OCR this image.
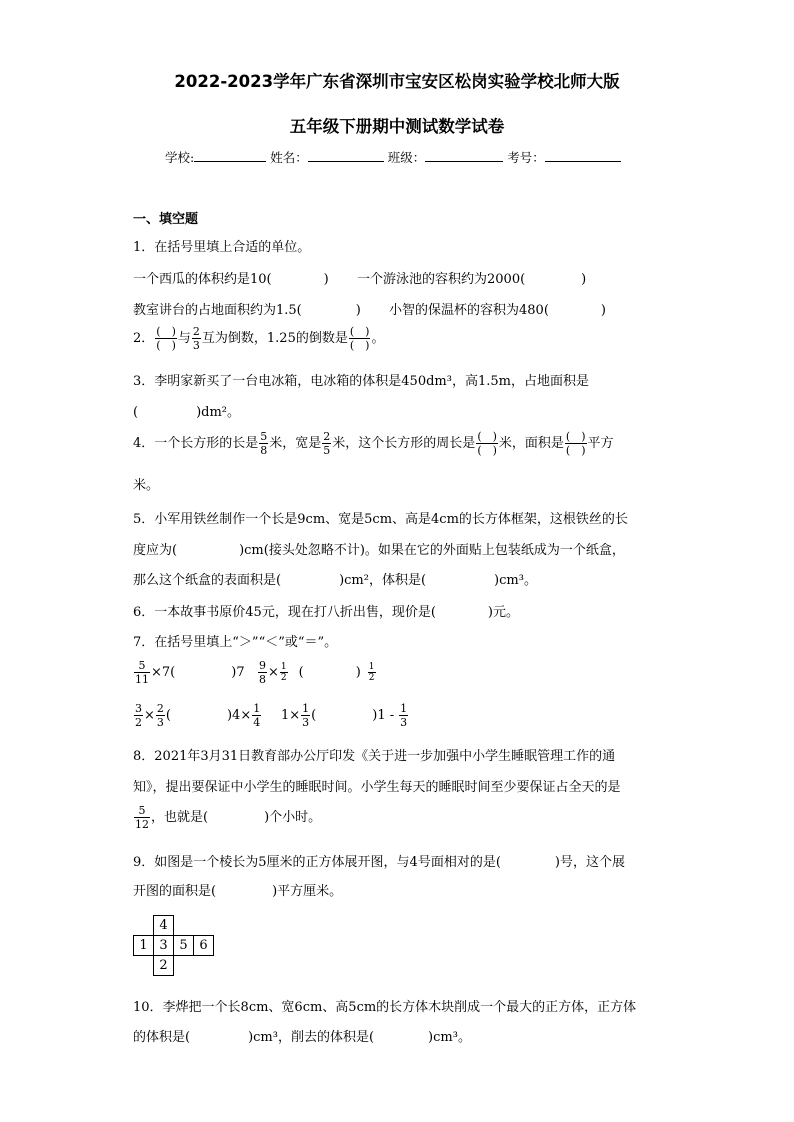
2022-2023学年广东省深圳市宝安区松岗实验学校北师大版
五年级下册期中测试数学试卷
学校:	姓名：	班级：	考号：
一、填空题
1．在括号里填上合适的单位。
一个西瓜的体积约是10(	) 一个游泳池的容积约为2000(	)
教室讲台的占地面积约为1.5(	) 小智的保温杯的容积为480(	)
2． $\frac{( )}{( )}$ 与 $\frac{2}{3}$ 互为倒数，1.25的倒数是 $\frac{( )}{( )}$ 。
3．李明家新买了一台电冰箱，电冰箱的体积是450dm³，高1.5m，占地面积是
(	)dm²。
4．一个长方形的长是 $\frac{5}{8}$ 米，宽是 $\frac{2}{5}$ 米，这个长方形的周长是 $\frac{( )}{( )}$ 米，面积是 $\frac{( )}{( )}$ 平方
米。
5．小军用铁丝制作一个长是9cm、宽是5cm、高是4cm的长方体框架，这根铁丝的长
度应为(	)cm(接头处忽略不计)。如果在它的外面贴上包装纸成为一个纸盒，
那么这个纸盒的表面积是(	)cm²，体积是(	)cm³。
6．一本故事书原价45元，现在打八折出售，现价是(	)元。
7．在括号里填上“＞”“＜”或“＝”。
$\frac{5}{11} \times 7$(	)$7 \frac{9}{8} \times \frac{1}{2}$ (	) $\frac{1}{2}$
$\frac{3}{2} \times \frac{2}{3}$ (	)$4\times \frac{1}{4} 1\times \frac{1}{3}$ (	)$1 - \frac{1}{3}$
8．2021年3月31日教育部办公厅印发《关于进一步加强中小学生睡眠管理工作的通
知》，提出要保证中小学生的睡眠时间。小学生每天的睡眠时间至少要保证占全天的是
$\frac{5}{12}$ ，也就是(	)个小时。
9．如图是一个棱长为5厘米的正方体展开图，与4号面相对的是(	)号，这个展
开图的面积是(	)平方厘米。
4
1 3 5 6
2
10．李烨把一个长8cm、宽6cm、高5cm的长方体木块削成一个最大的正方体，正方体
的体积是(	)cm³，削去的体积是(	)cm³。
